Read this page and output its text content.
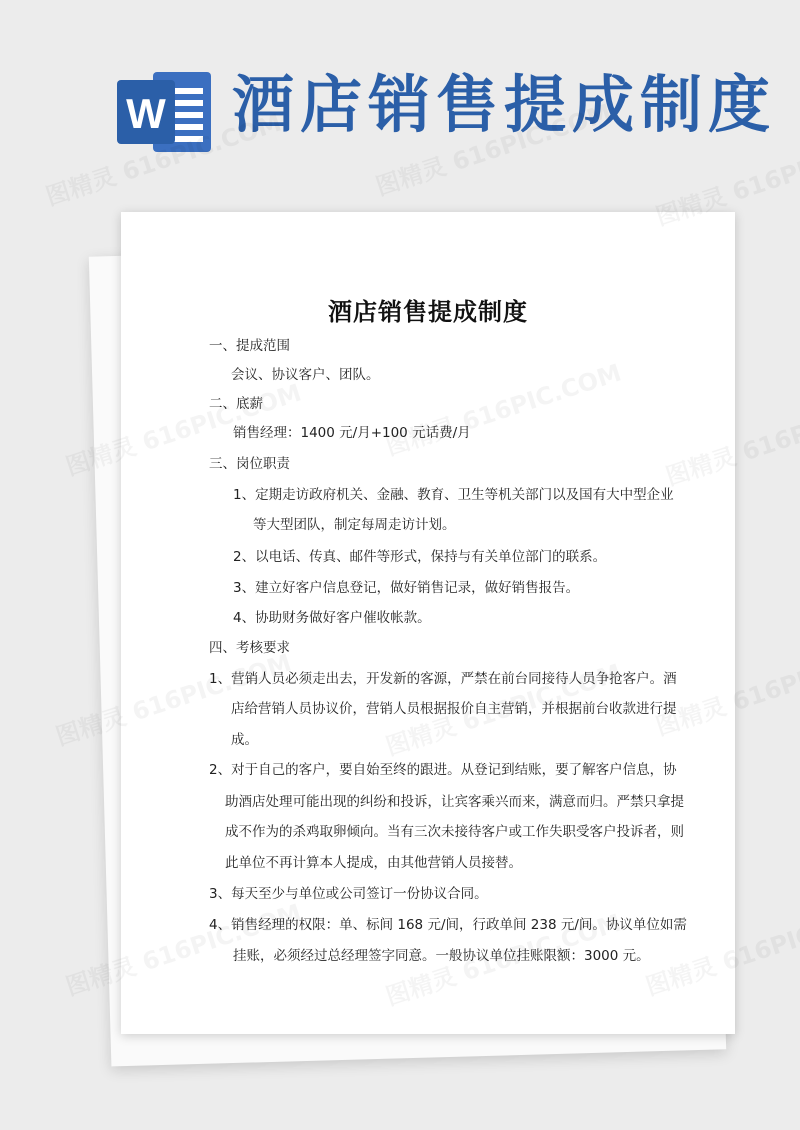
W 酒店销售提成制度
酒店销售提成制度
一、提成范围
会议、协议客户、团队。
二、底薪
销售经理：1400 元/月+100 元话费/月
三、岗位职责
1、定期走访政府机关、金融、教育、卫生等机关部门以及国有大中型企业
等大型团队，制定每周走访计划。
2、以电话、传真、邮件等形式，保持与有关单位部门的联系。
3、建立好客户信息登记，做好销售记录，做好销售报告。
4、协助财务做好客户催收帐款。
四、考核要求
1、营销人员必须走出去，开发新的客源，严禁在前台同接待人员争抢客户。酒
店给营销人员协议价，营销人员根据报价自主营销，并根据前台收款进行提
成。
2、对于自己的客户，要自始至终的跟进。从登记到结账，要了解客户信息，协
助酒店处理可能出现的纠纷和投诉，让宾客乘兴而来，满意而归。严禁只拿提
成不作为的杀鸡取卵倾向。当有三次未接待客户或工作失职受客户投诉者，则
此单位不再计算本人提成，由其他营销人员接替。
3、每天至少与单位或公司签订一份协议合同。
4、销售经理的权限：单、标间 168 元/间，行政单间 238 元/间。协议单位如需
挂账，必须经过总经理签字同意。一般协议单位挂账限额：3000 元。
